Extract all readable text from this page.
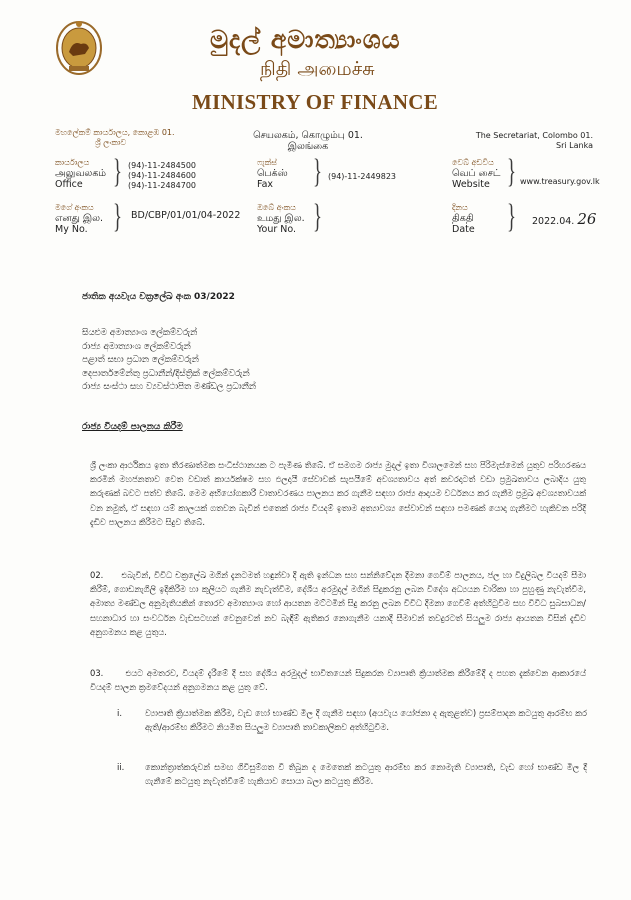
මුදල් අමාත්‍යාංශය
நிதி அமைச்சு
MINISTRY OF FINANCE
මහලේකම් කාර්යාලය, කොළඹ 01.
ශ්‍රී ලංකාව
செயலகம், கொழும்பு 01.
இலங்கை
The Secretariat, Colombo 01.
Sri Lanka
කාර්යාලය
அலுவலகம்
Office } (94)-11-2484500
(94)-11-2484600
(94)-11-2484700
ෆැක්ස්
பெக்ஸ்
Fax	} (94)-11-2449823
වෙබ් අඩවිය
வெப் சைட்
Website } www.treasury.gov.lk
මගේ අංකය
எனது இல.
My No. } BD/CBP/01/01/04-2022
ඔබේ අංකය
உமது இல.
Your No. }	දිනය
திகதி
Date } 2022.04. 26
ජාතික අයවැය චක්‍රලේඛ අංක 03/2022
සියළුම අමාත්‍යාංශ ලේකම්වරුන්
රාජ්‍ය අමාත්‍යාංශ ලේකම්වරුන්
පළාත් සභා ප්‍රධාන ලේකම්වරුන්
දෙපාර්තමේන්තු ප්‍රධානීන්/දිස්ත්‍රික් ලේකම්වරුන්
රාජ්‍ය සංස්ථා සහ ව්‍යවස්ථාපිත මණ්ඩල ප්‍රධානීන්
රාජ්‍ය වියදම් පාලනය කිරීම
ශ්‍රී ලංකා ආර්ථිකය ඉතා තීරණාත්මක සංධිස්ථානයක ට පැමිණ තිබේ. ඒ සමගම රාජ්‍ය මුදල් ඉතා විශාලමෙන් සහ පිරිමැස්මෙන් යුතුව පරිහරණය කරමින් මහජනතාව වෙත වඩාත් කාර්යක්ෂම සහ ඵලදායී සේවාවක් සැපයීමේ අවශ්‍යතාවය අත් කවරදාටත් වඩා ප්‍රමුඛතාවය ලබාදිය යුතු කරුණක් බවට පත්ව තිබේ. මෙම අභියෝගකාරී වාතාවරණය පාලනය කර ගැනීම සඳහා රාජ්‍ය ආදායම වර්ධනය කර ගැනීම ප්‍රමුඛ අවශ්‍යතාවයක් වන නමුත්, ඒ සඳහා යම් කාලයක් ගතවන බැවින් එතෙක් රාජ්‍ය වියදම් ඉතාම අත්‍යාවශ්‍ය සේවාවන් සඳහා පමණක් යොදා ගැනීමට හැකිවන පරිදි දැඩිව පාලනය කිරීමට සිදුව තිබේ.
02. එබැවින්, විවිධ චක්‍රලේඛ මගින් දැනටමත් හඳුන්වා දී ඇති ඉන්ධන සහ සන්නිවේදන දීමනා ගෙවීම් පාලනය, ජල හා විදුලිබල වියදම් සීමා කිරීම්, ගොඩනැගිලි ඉදිකිරීම හා කුලියට ගැනීම නැවැත්වීම, දේශීය අරමුදල් මගින් සිදුකරනු ලබන විදේශ අධ්‍යයන චාරිකා හා පුහුණු නැවැත්වීම, අමාත්‍ය මණ්ඩල අනුමැතියකින් තොරව අමාත්‍යාංශ හෝ ආයතන මට්ටමින් සිදු කරනු ලබන විවිධ දීමනා ගෙවීම් අත්හිටුවීම සහ විවිධ සුබසාධන/සහනාධාර හා සංවර්ධන වැඩසටහන් වෙනුවෙන් නව බැඳීම් ඇතිකර නොගැනීම යනාදී සීමාවන් තවදුරටත් සියලුම රාජ්‍ය ආයතන විසින් දැඩිව අනුගමනය කළ යුතුය.
03.	එයට අමතරව, වියදම් දැරීමේ දී සහ දේශීය අරමුදල් භාවිතයෙන් සිදුකරන ව්‍යාපෘති ක්‍රියාත්මක කිරීමේදී ද පහත දැක්වෙන ආකාරයේ වියදම් පාලන ක්‍රමවේදයන් අනුගමනය කළ යුතු වේ.
i.	ව්‍යාපෘති ක්‍රියාත්මක කිරීම, වැඩ හෝ භාණ්ඩ මිල දී ගැනීම සඳහා (අයවැය යෝජනා ද ඇතුළත්ව) ප්‍රසම්පාදන කටයුතු ආරම්භ කර ඇති/ආරම්භ කිරීමට නියමිත සියලුම ව්‍යාපෘති තාවකාලිකව අත්හිටුවීම.
ii. කොන්ත්‍රාත්කරුවන් සමඟ ගිවිසුම්ගත වී තිබුන ද මෙතෙක් කටයුතු ආරම්භ කර නොමැති ව්‍යාපෘති, වැඩ හෝ භාණ්ඩ මිල දී ගැනීමේ කටයුතු නැවැත්වීමේ හැකියාව සොයා බලා කටයුතු කිරීම.
